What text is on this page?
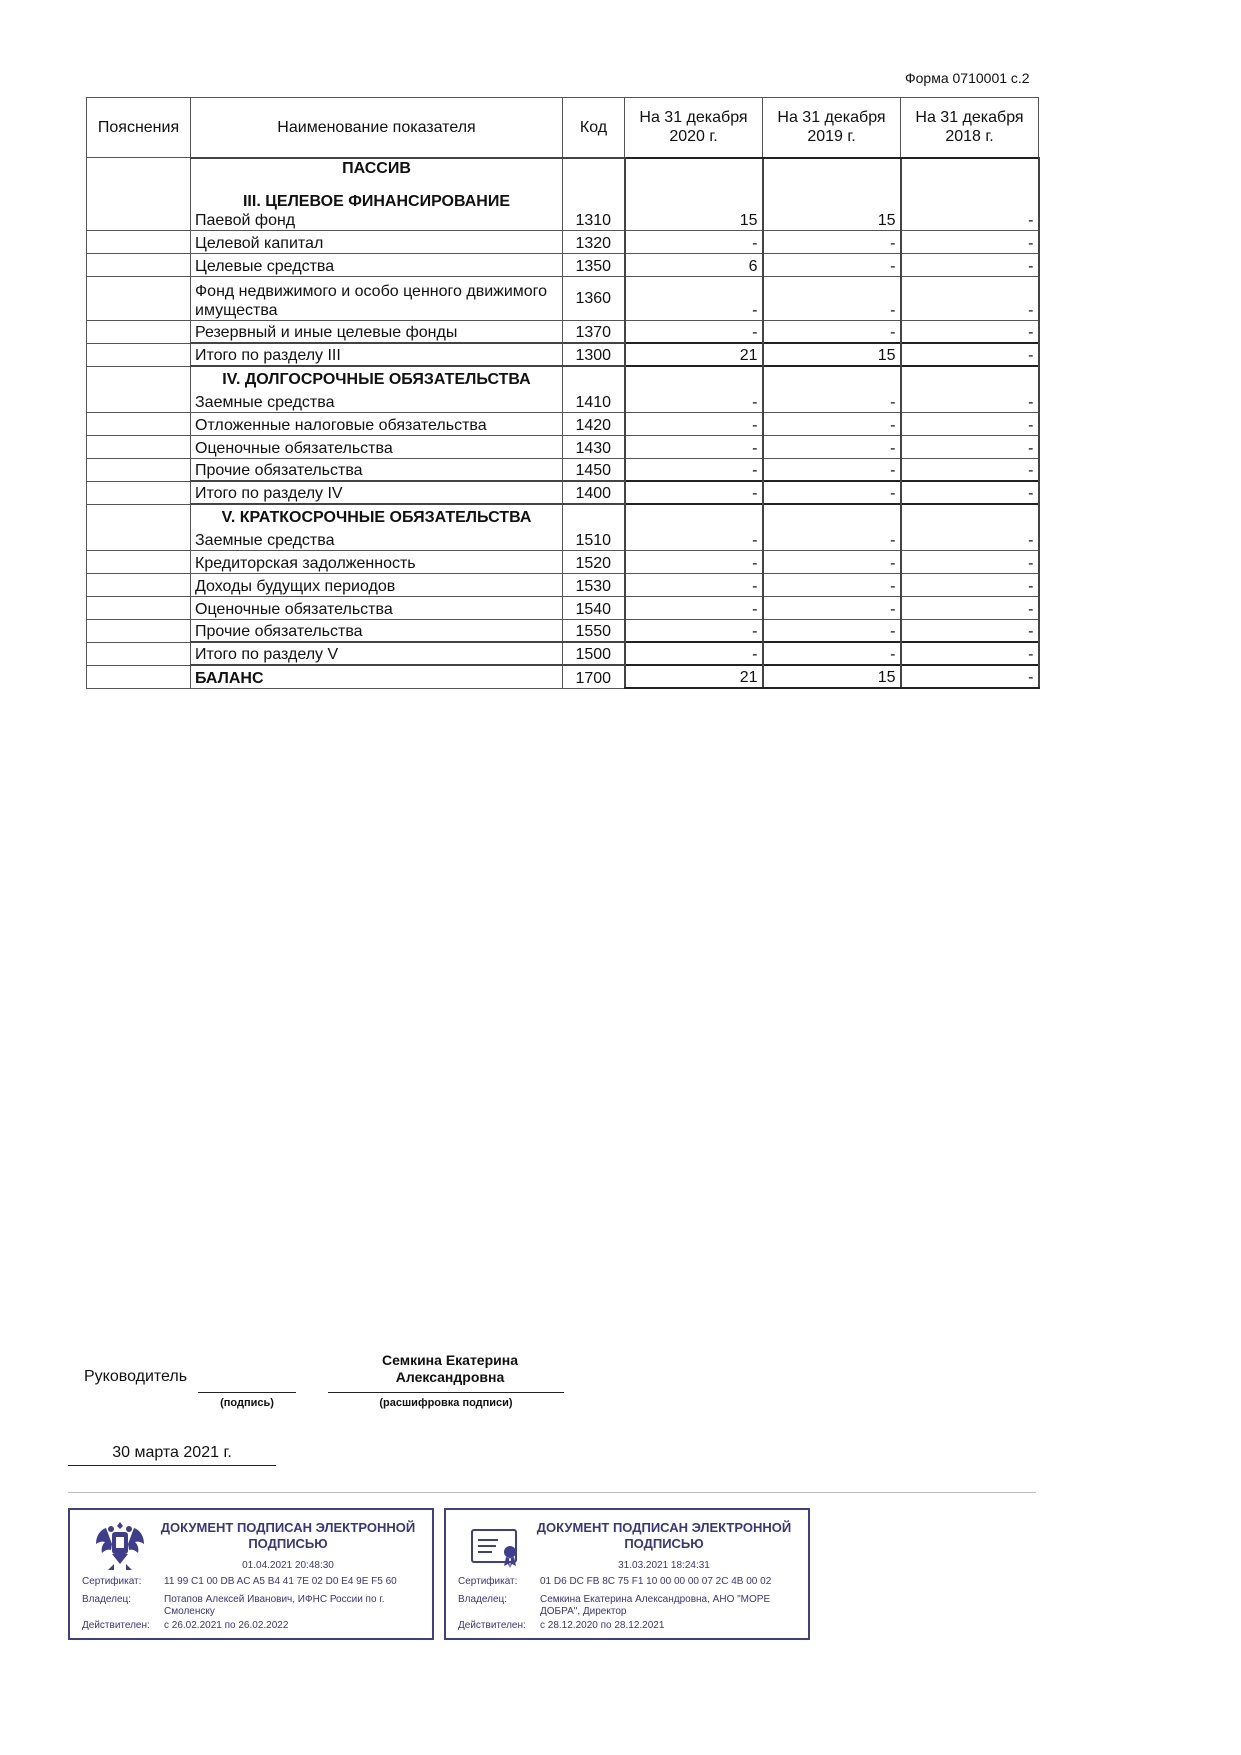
Форма 0710001 с.2
Пояснения	Наименование показателя	Код	На 31 декабря 2020 г.	На 31 декабря 2019 г.	На 31 декабря 2018 г.

	ПАССИВ
III. ЦЕЛЕВОЕ ФИНАНСИРОВАНИЕ
Паевой фонд	1310	15	15	-
	Целевой капитал	1320	-	-	-
	Целевые средства	1350	6	-	-
	Фонд недвижимого и особо ценного движимого имущества	1360	-	-	-
	Резервный и иные целевые фонды	1370	-	-	-
	Итого по разделу III	1300	21	15	-

	IV. ДОЛГОСРОЧНЫЕ ОБЯЗАТЕЛЬСТВА
Заемные средства	1410	-	-	-
	Отложенные налоговые обязательства	1420	-	-	-
	Оценочные обязательства	1430	-	-	-
	Прочие обязательства	1450	-	-	-
	Итого по разделу IV	1400	-	-	-

	V. КРАТКОСРОЧНЫЕ ОБЯЗАТЕЛЬСТВА
Заемные средства	1510	-	-	-
	Кредиторская задолженность	1520	-	-	-
	Доходы будущих периодов	1530	-	-	-
	Оценочные обязательства	1540	-	-	-
	Прочие обязательства	1550	-	-	-
	Итого по разделу V	1500	-	-	-
	БАЛАНС	1700	21	15	-
Руководитель
(подпись)
Семкина Екатерина Александровна
(расшифровка подписи)
30 марта 2021 г.
ДОКУМЕНТ ПОДПИСАН ЭЛЕКТРОННОЙ ПОДПИСЬЮ
01.04.2021 20:48:30
Сертификат:	11 99 C1 00 DB AC A5 B4 41 7E 02 D0 E4 9E F5 60
Владелец:	Потапов Алексей Иванович, ИФНС России по г. Смоленску
Действителен:	с 26.02.2021 по 26.02.2022
ДОКУМЕНТ ПОДПИСАН ЭЛЕКТРОННОЙ ПОДПИСЬЮ
31.03.2021 18:24:31
Сертификат:	01 D6 DC FB 8C 75 F1 10 00 00 00 07 2C 4B 00 02
Владелец:	Семкина Екатерина Александровна, АНО "МОРЕ ДОБРА", Директор
Действителен:	с 28.12.2020 по 28.12.2021
